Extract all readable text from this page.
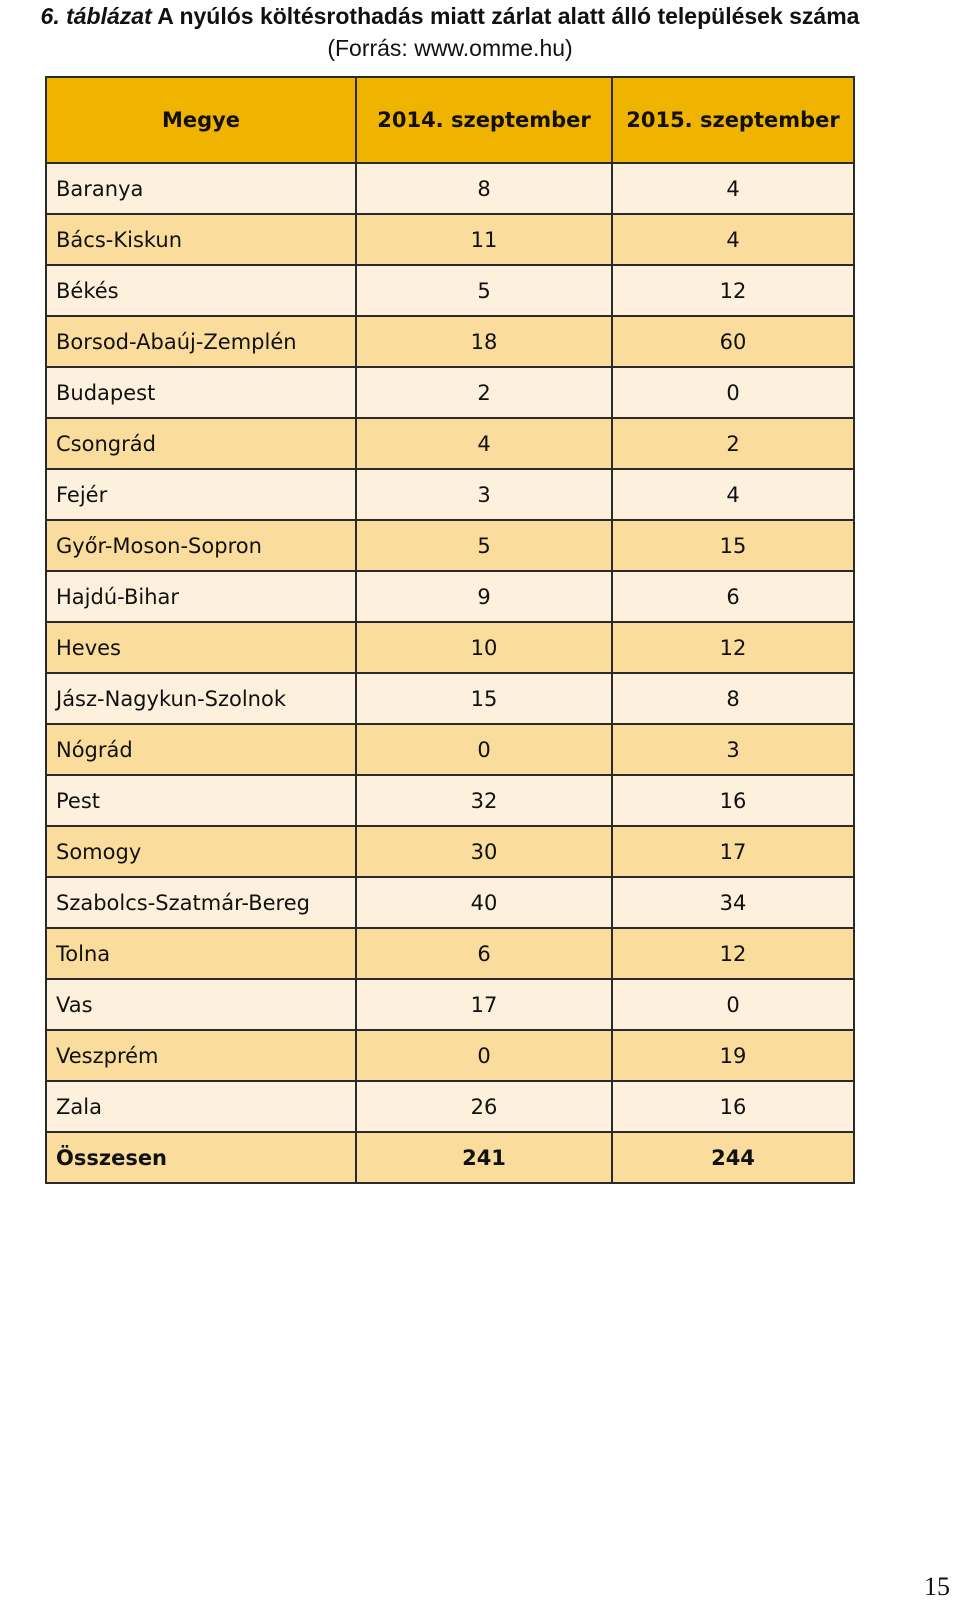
6. táblázat A nyúlós költésrothadás miatt zárlat alatt álló települések száma
(Forrás: www.omme.hu)
Megye	2014. szeptember	2015. szeptember
Baranya	8	4
Bács-Kiskun	11	4
Békés	5	12
Borsod-Abaúj-Zemplén	18	60
Budapest	2	0
Csongrád	4	2
Fejér	3	4
Győr-Moson-Sopron	5	15
Hajdú-Bihar	9	6
Heves	10	12
Jász-Nagykun-Szolnok	15	8
Nógrád	0	3
Pest	32	16
Somogy	30	17
Szabolcs-Szatmár-Bereg	40	34
Tolna	6	12
Vas	17	0
Veszprém	0	19
Zala	26	16
Összesen	241	244
15
